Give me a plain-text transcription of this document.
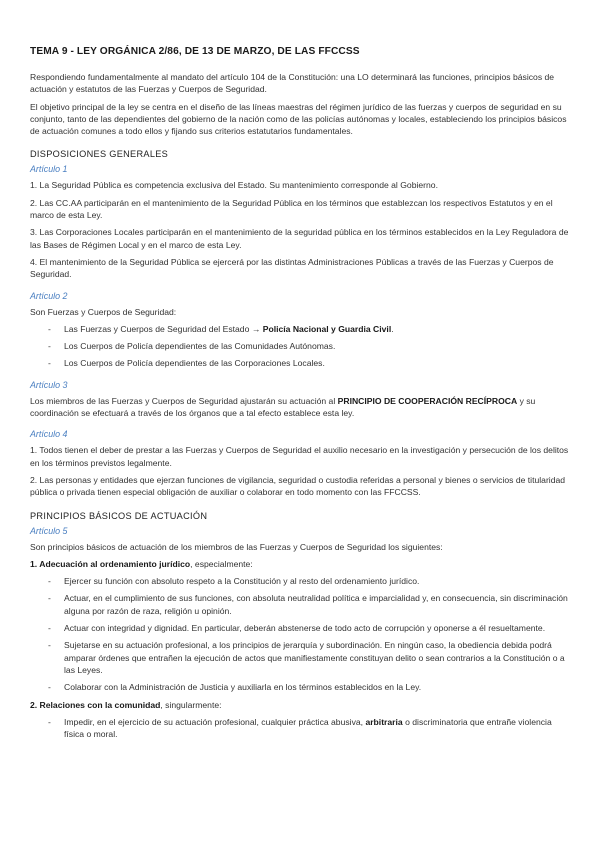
TEMA 9 - LEY ORGÁNICA 2/86, DE 13 DE MARZO, DE LAS FFCCSS

Respondiendo fundamentalmente al mandato del artículo 104 de la Constitución: una LO determinará las funciones, principios básicos de actuación y estatutos de las Fuerzas y Cuerpos de Seguridad.

El objetivo principal de la ley se centra en el diseño de las líneas maestras del régimen jurídico de las fuerzas y cuerpos de seguridad en su conjunto, tanto de las dependientes del gobierno de la nación como de las policías autónomas y locales, estableciendo los principios básicos de actuación comunes a todo ellos y fijando sus criterios estatutarios fundamentales.

DISPOSICIONES GENERALES
Artículo 1

1. La Seguridad Pública es competencia exclusiva del Estado. Su mantenimiento corresponde al Gobierno.

2. Las CC.AA participarán en el mantenimiento de la Seguridad Pública en los términos que establezcan los respectivos Estatutos y en el marco de esta Ley.

3. Las Corporaciones Locales participarán en el mantenimiento de la seguridad pública en los términos establecidos en la Ley Reguladora de las Bases de Régimen Local y en el marco de esta Ley.

4. El mantenimiento de la Seguridad Pública se ejercerá por las distintas Administraciones Públicas a través de las Fuerzas y Cuerpos de Seguridad.

Artículo 2

Son Fuerzas y Cuerpos de Seguridad:

- Las Fuerzas y Cuerpos de Seguridad del Estado → Policía Nacional y Guardia Civil.
- Los Cuerpos de Policía dependientes de las Comunidades Autónomas.
- Los Cuerpos de Policía dependientes de las Corporaciones Locales.
Artículo 3

Los miembros de las Fuerzas y Cuerpos de Seguridad ajustarán su actuación al PRINCIPIO DE COOPERACIÓN RECÍPROCA y su coordinación se efectuará a través de los órganos que a tal efecto establece esta ley.

Artículo 4

1. Todos tienen el deber de prestar a las Fuerzas y Cuerpos de Seguridad el auxilio necesario en la investigación y persecución de los delitos en los términos previstos legalmente.

2. Las personas y entidades que ejerzan funciones de vigilancia, seguridad o custodia referidas a personal y bienes o servicios de titularidad pública o privada tienen especial obligación de auxiliar o colaborar en todo momento con las FFCCSS.

PRINCIPIOS BÁSICOS DE ACTUACIÓN
Artículo 5

Son principios básicos de actuación de los miembros de las Fuerzas y Cuerpos de Seguridad los siguientes:

1. Adecuación al ordenamiento jurídico, especialmente:

- Ejercer su función con absoluto respeto a la Constitución y al resto del ordenamiento jurídico.
- Actuar, en el cumplimiento de sus funciones, con absoluta neutralidad política e imparcialidad y, en consecuencia, sin discriminación alguna por razón de raza, religión u opinión.
- Actuar con integridad y dignidad. En particular, deberán abstenerse de todo acto de corrupción y oponerse a él resueltamente.
- Sujetarse en su actuación profesional, a los principios de jerarquía y subordinación. En ningún caso, la obediencia debida podrá amparar órdenes que entrañen la ejecución de actos que manifiestamente constituyan delito o sean contrarios a la Constitución o a las Leyes.
- Colaborar con la Administración de Justicia y auxiliarla en los términos establecidos en la Ley.

2. Relaciones con la comunidad, singularmente:

- Impedir, en el ejercicio de su actuación profesional, cualquier práctica abusiva, arbitraria o discriminatoria que entrañe violencia física o moral.
